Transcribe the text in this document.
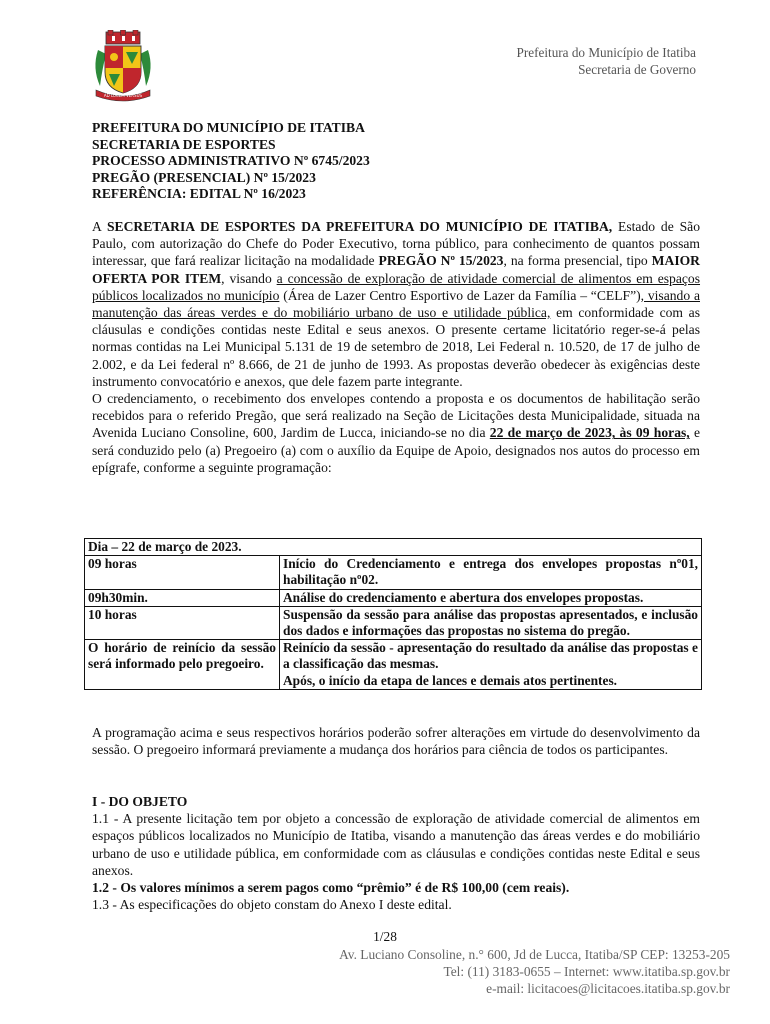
AD LUCEM VERSUS
Prefeitura do Município de Itatiba
Secretaria de Governo
PREFEITURA DO MUNICÍPIO DE ITATIBA
SECRETARIA DE ESPORTES
PROCESSO ADMINISTRATIVO Nº 6745/2023
PREGÃO (PRESENCIAL) Nº 15/2023
REFERÊNCIA: EDITAL Nº 16/2023

A SECRETARIA DE ESPORTES DA PREFEITURA DO MUNICÍPIO DE ITATIBA, Estado de São Paulo, com autorização do Chefe do Poder Executivo, torna público, para conhecimento de quantos possam interessar, que fará realizar licitação na modalidade PREGÃO Nº 15/2023, na forma presencial, tipo MAIOR OFERTA POR ITEM, visando a concessão de exploração de atividade comercial de alimentos em espaços públicos localizados no município (Área de Lazer Centro Esportivo de Lazer da Família – “CELF”), visando a manutenção das áreas verdes e do mobiliário urbano de uso e utilidade pública, em conformidade com as cláusulas e condições contidas neste Edital e seus anexos. O presente certame licitatório reger-se-á pelas normas contidas na Lei Municipal 5.131 de 19 de setembro de 2018, Lei Federal n. 10.520, de 17 de julho de 2.002, e da Lei federal nº 8.666, de 21 de junho de 1993. As propostas deverão obedecer às exigências deste instrumento convocatório e anexos, que dele fazem parte integrante.

O credenciamento, o recebimento dos envelopes contendo a proposta e os documentos de habilitação serão recebidos para o referido Pregão, que será realizado na Seção de Licitações desta Municipalidade, situada na Avenida Luciano Consoline, 600, Jardim de Lucca, iniciando-se no dia 22 de março de 2023, às 09 horas, e será conduzido pelo (a) Pregoeiro (a) com o auxílio da Equipe de Apoio, designados nos autos do processo em epígrafe, conforme a seguinte programação:

Dia – 22 de março de 2023.	
09 horas	Início do Credenciamento e entrega dos envelopes propostas nº01, habilitação nº02.
09h30min.	Análise do credenciamento e abertura dos envelopes propostas.
10 horas	Suspensão da sessão para análise das propostas apresentados, e inclusão dos dados e informações das propostas no sistema do pregão.
O horário de reinício da sessão será informado pelo pregoeiro.	Reinício da sessão - apresentação do resultado da análise das propostas e a classificação das mesmas.
Após, o início da etapa de lances e demais atos pertinentes.
A programação acima e seus respectivos horários poderão sofrer alterações em virtude do desenvolvimento da sessão. O pregoeiro informará previamente a mudança dos horários para ciência de todos os participantes.

I - DO OBJETO

1.1 - A presente licitação tem por objeto a concessão de exploração de atividade comercial de alimentos em espaços públicos localizados no Município de Itatiba, visando a manutenção das áreas verdes e do mobiliário urbano de uso e utilidade pública, em conformidade com as cláusulas e condições contidas neste Edital e seus anexos.

1.2 - Os valores mínimos a serem pagos como “prêmio” é de R$ 100,00 (cem reais).

1.3 - As especificações do objeto constam do Anexo I deste edital.

1/28

Av. Luciano Consoline, n.° 600, Jd de Lucca, Itatiba/SP CEP: 13253-205
Tel: (11) 3183-0655 – Internet: www.itatiba.sp.gov.br
e-mail: licitacoes@licitacoes.itatiba.sp.gov.br
